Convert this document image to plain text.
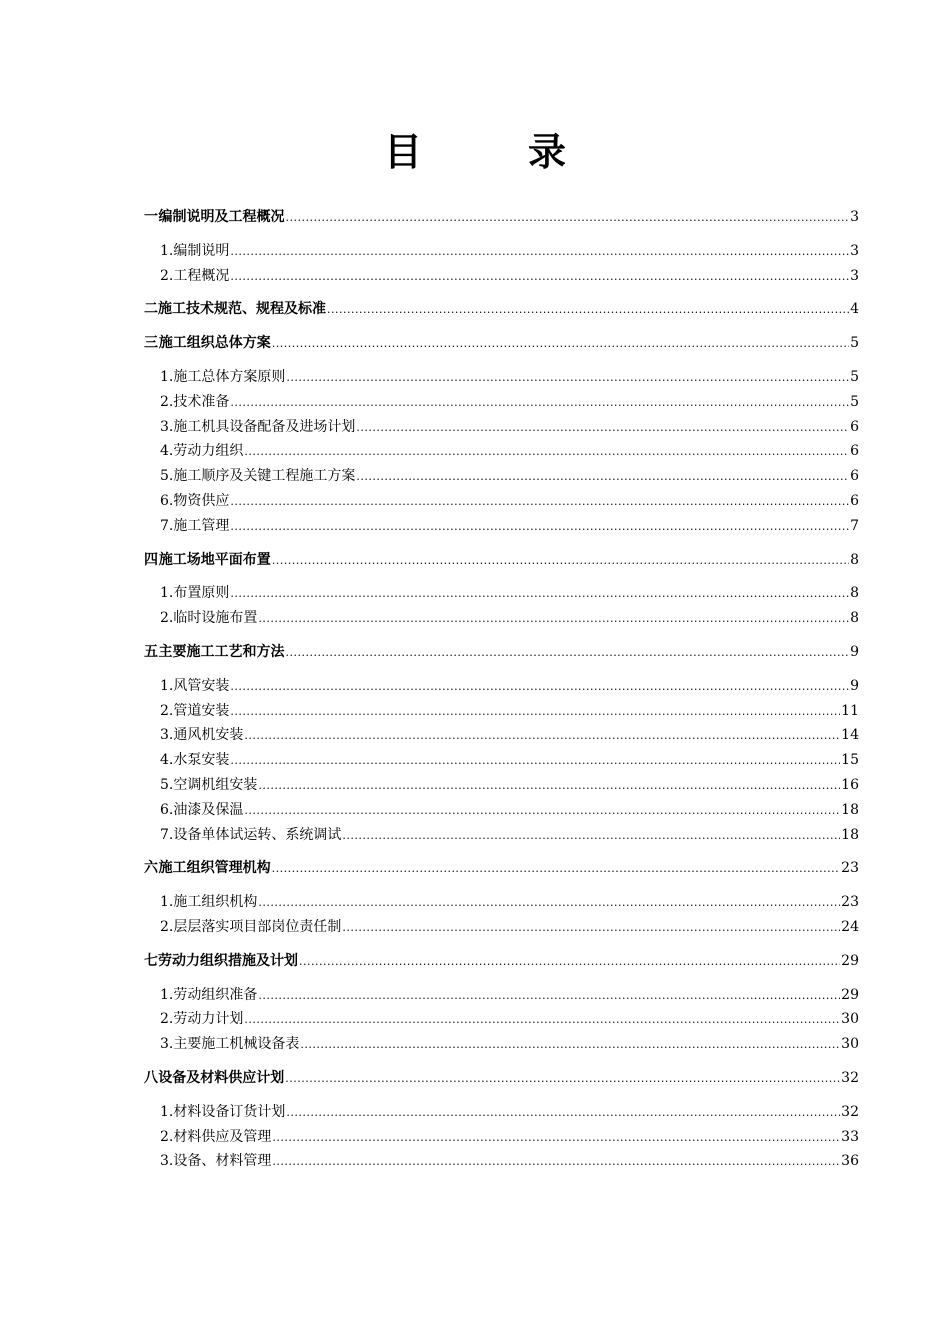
目　录
一 编制说明及工程概况 .....	3
1.编制说明 .....	3
2.工程概况 .....	3
二 施工技术规范、规程及标准 .....	4
三 施工组织总体方案 .....	5
1.施工总体方案原则 .....	5
2.技术准备 .....	5
3.施工机具设备配备及进场计划 .....	6
4.劳动力组织 .....	6
5.施工顺序及关键工程施工方案 .....	6
6.物资供应 .....	6
7.施工管理 .....	7
四 施工场地平面布置 .....	8
1.布置原则 .....	8
2.临时设施布置 .....	8
五 主要施工工艺和方法 .....	9
1.风管安装 .....	9
2.管道安装 .....	11
3.通风机安装 .....	14
4.水泵安装 .....	15
5.空调机组安装 .....	16
6.油漆及保温 .....	18
7.设备单体试运转、系统调试 .....	18
六 施工组织管理机构 .....	23
1.施工组织机构 .....	23
2.层层落实项目部岗位责任制 .....	24
七 劳动力组织措施及计划 .....	29
1.劳动组织准备 .....	29
2.劳动力计划 .....	30
3.主要施工机械设备表 .....	30
八 设备及材料供应计划 .....	32
1.材料设备订货计划 .....	32
2.材料供应及管理 .....	33
3.设备、材料管理 .....	36
